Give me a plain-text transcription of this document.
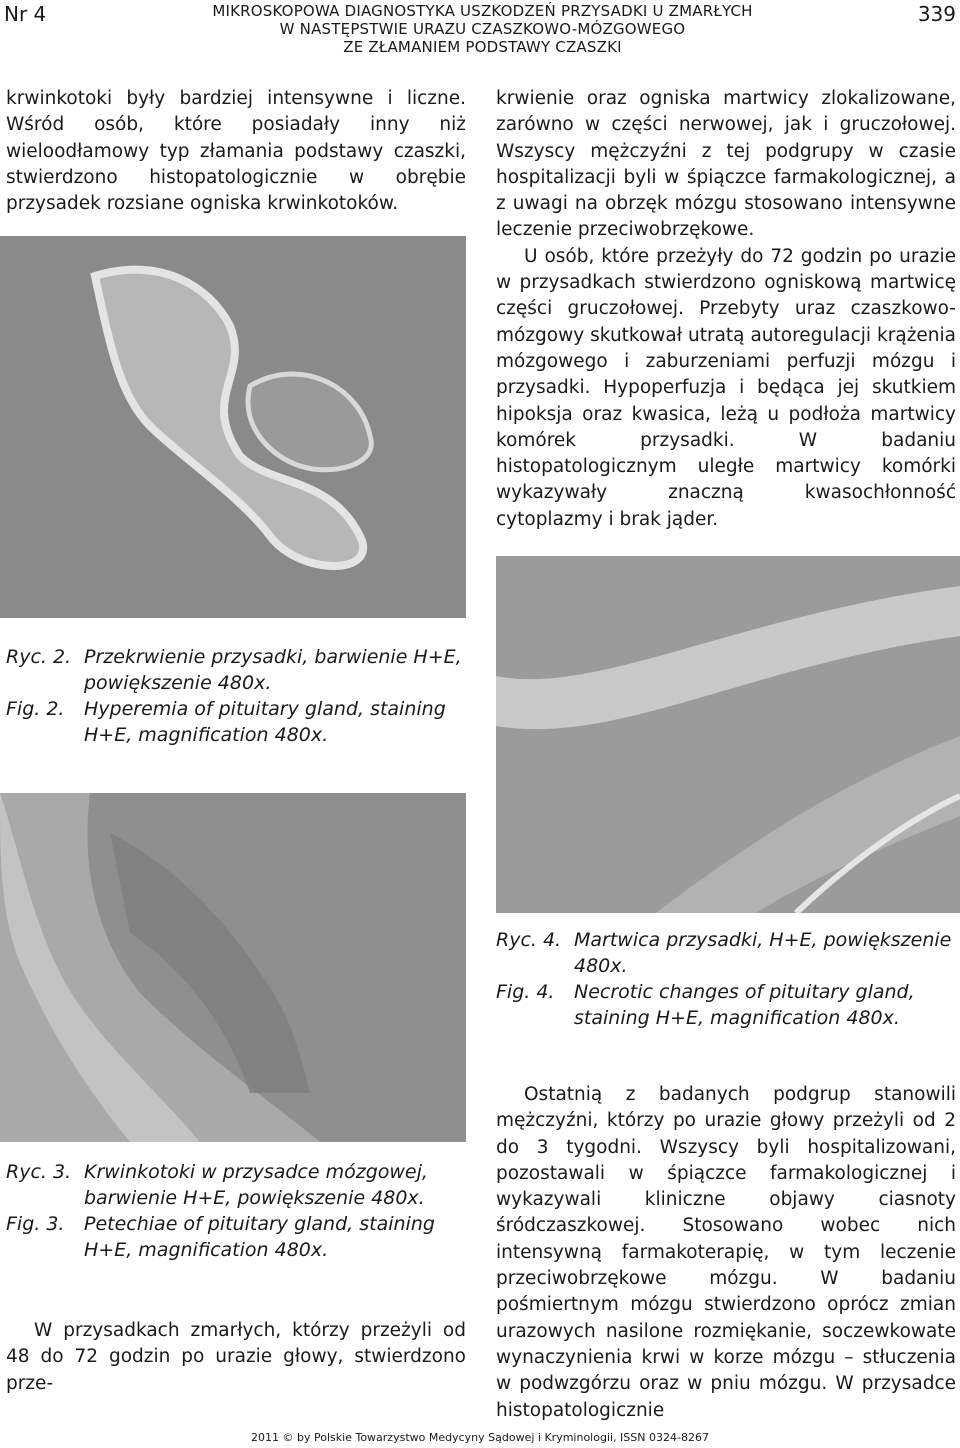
Nr 4	MIKROSKOPOWA DIAGNOSTYKA USZKODZEŃ PRZYSADKI U ZMARŁYCH
W NASTĘPSTWIE URAZU CZASZKOWO-MÓZGOWEGO
ZE ZŁAMANIEM PODSTAWY CZASZKI
339

krwinkotoki były bardziej intensywne i liczne. Wśród osób, które posiadały inny niż wieloodłamowy typ złamania podstawy czaszki, stwierdzono histopatologicznie w obrębie przysadek rozsiane ogniska krwinkotoków.

krwienie oraz ogniska martwicy zlokalizowane, zarówno w części nerwowej, jak i gruczołowej. Wszyscy mężczyźni z tej podgrupy w czasie hospitalizacji byli w śpiączce farmakologicznej, a z uwagi na obrzęk mózgu stosowano intensywne leczenie przeciwobrzękowe.

U osób, które przeżyły do 72 godzin po urazie w przysadkach stwierdzono ogniskową martwicę części gruczołowej. Przebyty uraz czaszkowo-mózgowy skutkował utratą autoregulacji krążenia mózgowego i zaburzeniami perfuzji mózgu i przysadki. Hypoperfuzja i będąca jej skutkiem hipoksja oraz kwasica, leżą u podłoża martwicy komórek przysadki. W badaniu histopatologicznym uległe martwicy komórki wykazywały znaczną kwasochłonność cytoplazmy i brak jąder.

Ryc. 2. Przekrwienie przysadki, barwienie H+E, powiększenie 480x.
Fig. 2.	Hyperemia of pituitary gland, staining H+E, magnification 480x.
Ryc. 4. Martwica przysadki, H+E, powiększenie 480x.
Fig. 4.	Necrotic changes of pituitary gland, staining H+E, magnification 480x.
Ryc. 3. Krwinkotoki w przysadce mózgowej, barwienie H+E, powiększenie 480x.
Fig. 3.	Petechiae of pituitary gland, staining H+E, magnification 480x.

W przysadkach zmarłych, którzy przeżyli od 48 do 72 godzin po urazie głowy, stwierdzono prze-

Ostatnią z badanych podgrup stanowili mężczyźni, którzy po urazie głowy przeżyli od 2 do 3 tygodni. Wszyscy byli hospitalizowani, pozostawali w śpiączce farmakologicznej i wykazywali kliniczne objawy ciasnoty śródczaszkowej. Stosowano wobec nich intensywną farmakoterapię, w tym leczenie przeciwobrzękowe mózgu. W badaniu pośmiertnym mózgu stwierdzono oprócz zmian urazowych nasilone rozmiękanie, soczewkowate wynaczynienia krwi w korze mózgu – stłuczenia w podwzgórzu oraz w pniu mózgu. W przysadce histopatologicznie

2011 © by Polskie Towarzystwo Medycyny Sądowej i Kryminologii, ISSN 0324-8267
